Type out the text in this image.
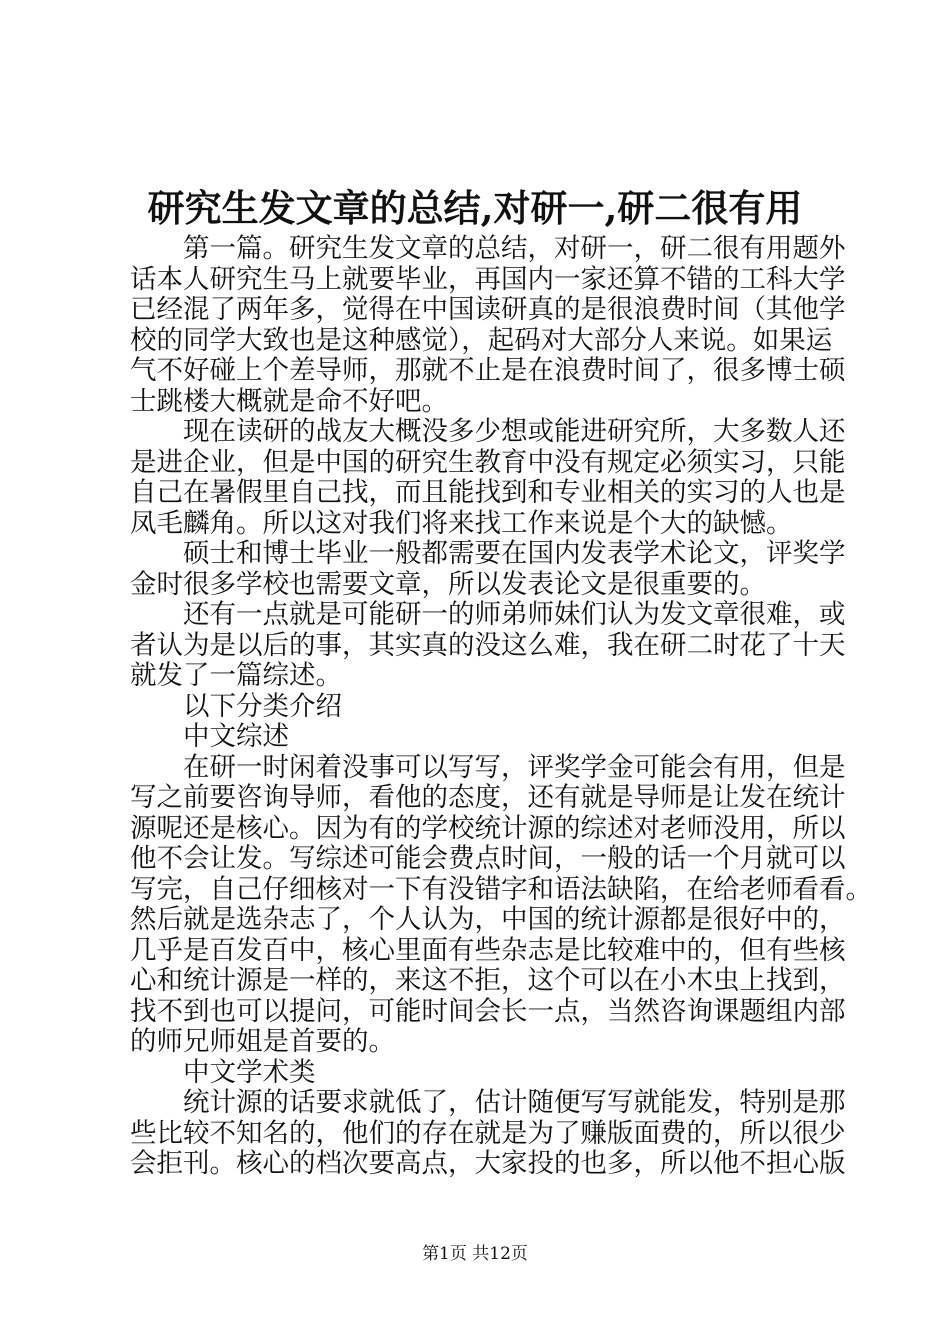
研究生发文章的总结,对研一,研二很有用
　　第一篇。研究生发文章的总结，对研一，研二很有用题外
话本人研究生马上就要毕业，再国内一家还算不错的工科大学
已经混了两年多，觉得在中国读研真的是很浪费时间（其他学
校的同学大致也是这种感觉），起码对大部分人来说。如果运
气不好碰上个差导师，那就不止是在浪费时间了，很多博士硕
士跳楼大概就是命不好吧。
　　现在读研的战友大概没多少想或能进研究所，大多数人还
是进企业，但是中国的研究生教育中没有规定必须实习，只能
自己在暑假里自己找，而且能找到和专业相关的实习的人也是
凤毛麟角。所以这对我们将来找工作来说是个大的缺憾。
　　硕士和博士毕业一般都需要在国内发表学术论文，评奖学
金时很多学校也需要文章，所以发表论文是很重要的。
　　还有一点就是可能研一的师弟师妹们认为发文章很难，或
者认为是以后的事，其实真的没这么难，我在研二时花了十天
就发了一篇综述。
　　以下分类介绍
　　中文综述
　　在研一时闲着没事可以写写，评奖学金可能会有用，但是
写之前要咨询导师，看他的态度，还有就是导师是让发在统计
源呢还是核心。因为有的学校统计源的综述对老师没用，所以
他不会让发。写综述可能会费点时间，一般的话一个月就可以
写完，自己仔细核对一下有没错字和语法缺陷，在给老师看看。
然后就是选杂志了，个人认为，中国的统计源都是很好中的，
几乎是百发百中，核心里面有些杂志是比较难中的，但有些核
心和统计源是一样的，来这不拒，这个可以在小木虫上找到，
找不到也可以提问，可能时间会长一点，当然咨询课题组内部
的师兄师姐是首要的。
　　中文学术类
　　统计源的话要求就低了，估计随便写写就能发，特别是那
些比较不知名的，他们的存在就是为了赚版面费的，所以很少
会拒刊。核心的档次要高点，大家投的也多，所以他不担心版
第1页 共12页
